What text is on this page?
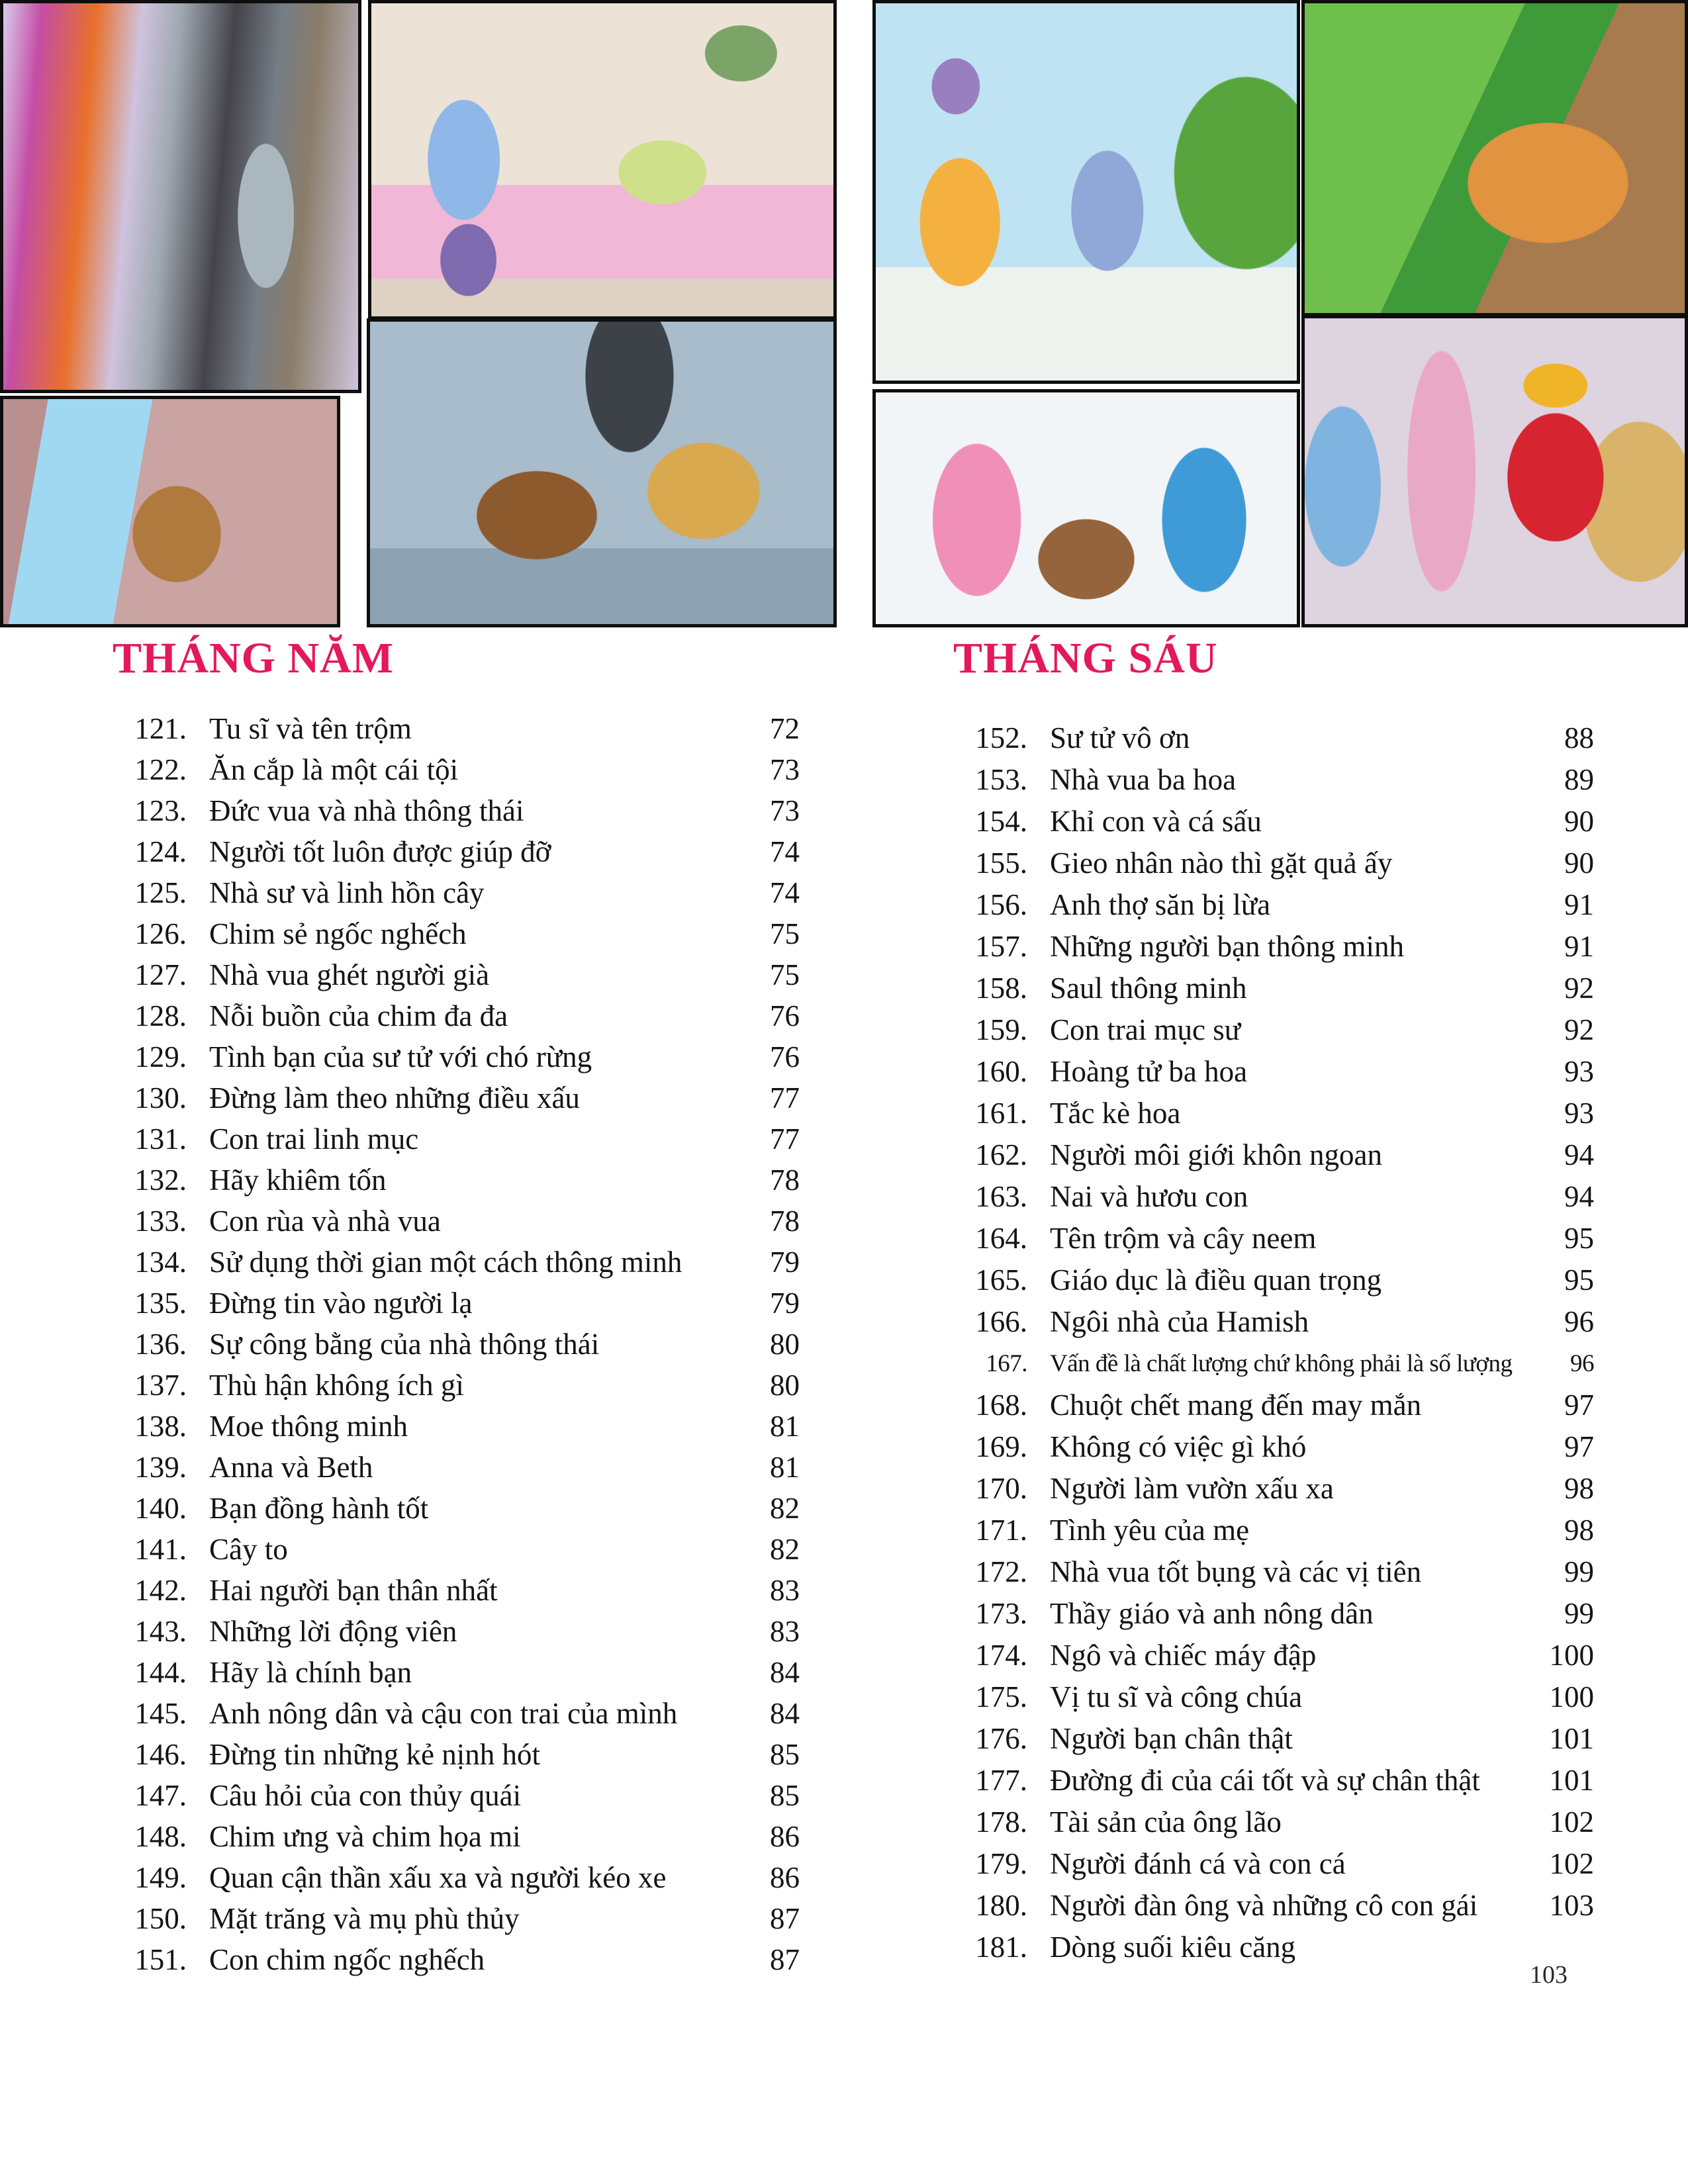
THÁNG NĂM
121. Tu sĩ và tên trộm	72
122. Ăn cắp là một cái tội	73
123. Đức vua và nhà thông thái	73
124. Người tốt luôn được giúp đỡ	74
125. Nhà sư và linh hồn cây	74
126. Chim sẻ ngốc nghếch	75
127. Nhà vua ghét người già	75
128. Nỗi buồn của chim đa đa	76
129. Tình bạn của sư tử với chó rừng	76
130. Đừng làm theo những điều xấu	77
131. Con trai linh mục	77
132. Hãy khiêm tốn	78
133. Con rùa và nhà vua	78
134. Sử dụng thời gian một cách thông minh	79
135. Đừng tin vào người lạ	79
136. Sự công bằng của nhà thông thái	80
137. Thù hận không ích gì	80
138. Moe thông minh	81
139. Anna và Beth	81
140. Bạn đồng hành tốt	82
141. Cây to	82
142. Hai người bạn thân nhất	83
143. Những lời động viên	83
144. Hãy là chính bạn	84
145. Anh nông dân và cậu con trai của mình	84
146. Đừng tin những kẻ nịnh hót	85
147. Câu hỏi của con thủy quái	85
148. Chim ưng và chim họa mi	86
149. Quan cận thần xấu xa và người kéo xe	86
150. Mặt trăng và mụ phù thủy	87
151. Con chim ngốc nghếch	87
THÁNG SÁU
152. Sư tử vô ơn	88
153. Nhà vua ba hoa	89
154. Khỉ con và cá sấu	90
155. Gieo nhân nào thì gặt quả ấy	90
156. Anh thợ săn bị lừa	91
157. Những người bạn thông minh	91
158. Saul thông minh	92
159. Con trai mục sư	92
160. Hoàng tử ba hoa	93
161. Tắc kè hoa	93
162. Người môi giới khôn ngoan	94
163. Nai và hươu con	94
164. Tên trộm và cây neem	95
165. Giáo dục là điều quan trọng	95
166. Ngôi nhà của Hamish	96
167. Vấn đề là chất lượng chứ không phải là số lượng	96
168. Chuột chết mang đến may mắn	97
169. Không có việc gì khó	97
170. Người làm vườn xấu xa	98
171. Tình yêu của mẹ	98
172. Nhà vua tốt bụng và các vị tiên	99
173. Thầy giáo và anh nông dân	99
174. Ngô và chiếc máy đập	100
175. Vị tu sĩ và công chúa	100
176. Người bạn chân thật	101
177. Đường đi của cái tốt và sự chân thật	101
178. Tài sản của ông lão	102
179. Người đánh cá và con cá	102
180. Người đàn ông và những cô con gái	103
181. Dòng suối kiêu căng
103
